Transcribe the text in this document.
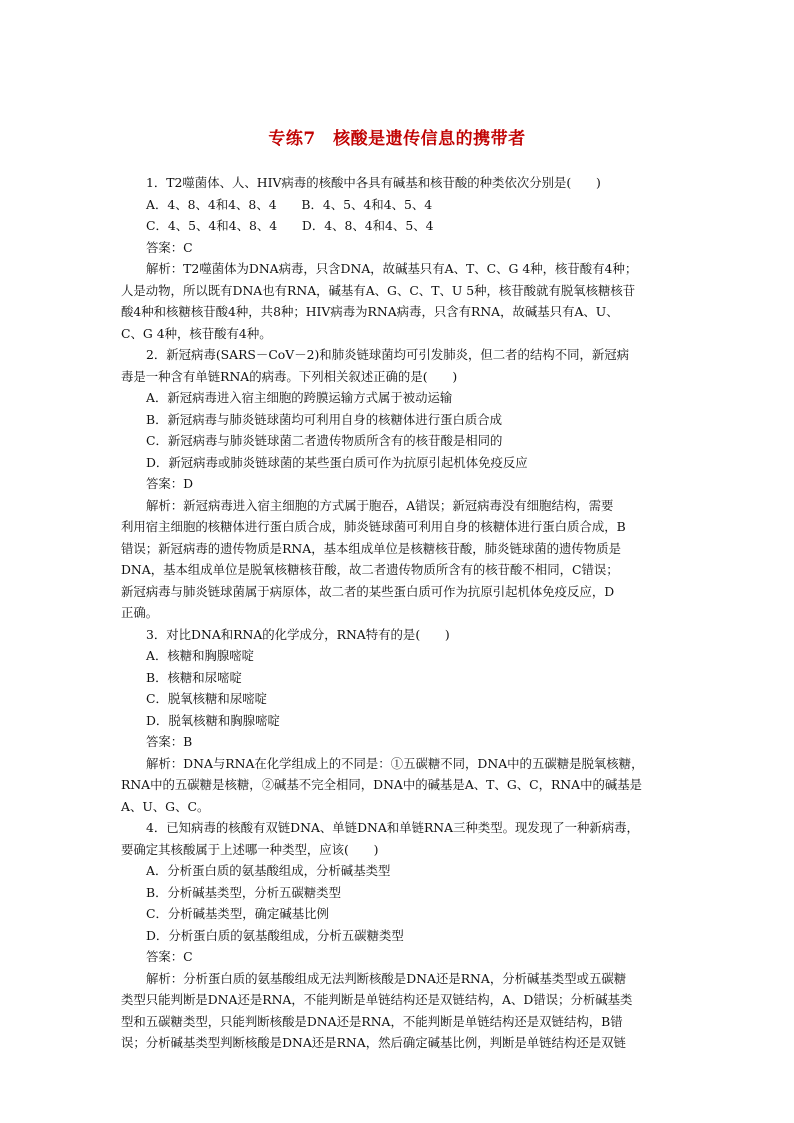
专练7　核酸是遗传信息的携带者
1．T2噬菌体、人、HIV病毒的核酸中各具有碱基和核苷酸的种类依次分别是(　　)
A．4、8、4和4、8、4　　B．4、5、4和4、5、4
C．4、5、4和4、8、4　　D．4、8、4和4、5、4
答案：C
解析：T2噬菌体为DNA病毒，只含DNA，故碱基只有A、T、C、G 4种，核苷酸有4种；
人是动物，所以既有DNA也有RNA，碱基有A、G、C、T、U 5种，核苷酸就有脱氧核糖核苷
酸4种和核糖核苷酸4种，共8种；HIV病毒为RNA病毒，只含有RNA，故碱基只有A、U、
C、G 4种，核苷酸有4种。
2．新冠病毒(SARS－CoV－2)和肺炎链球菌均可引发肺炎，但二者的结构不同，新冠病
毒是一种含有单链RNA的病毒。下列相关叙述正确的是(　　)
A．新冠病毒进入宿主细胞的跨膜运输方式属于被动运输
B．新冠病毒与肺炎链球菌均可利用自身的核糖体进行蛋白质合成
C．新冠病毒与肺炎链球菌二者遗传物质所含有的核苷酸是相同的
D．新冠病毒或肺炎链球菌的某些蛋白质可作为抗原引起机体免疫反应
答案：D
解析：新冠病毒进入宿主细胞的方式属于胞吞，A错误；新冠病毒没有细胞结构，需要
利用宿主细胞的核糖体进行蛋白质合成，肺炎链球菌可利用自身的核糖体进行蛋白质合成，B
错误；新冠病毒的遗传物质是RNA，基本组成单位是核糖核苷酸，肺炎链球菌的遗传物质是
DNA，基本组成单位是脱氧核糖核苷酸，故二者遗传物质所含有的核苷酸不相同，C错误；
新冠病毒与肺炎链球菌属于病原体，故二者的某些蛋白质可作为抗原引起机体免疫反应，D
正确。
3．对比DNA和RNA的化学成分，RNA特有的是(　　)
A．核糖和胸腺嘧啶
B．核糖和尿嘧啶
C．脱氧核糖和尿嘧啶
D．脱氧核糖和胸腺嘧啶
答案：B
解析：DNA与RNA在化学组成上的不同是：①五碳糖不同，DNA中的五碳糖是脱氧核糖，
RNA中的五碳糖是核糖，②碱基不完全相同，DNA中的碱基是A、T、G、C，RNA中的碱基是
A、U、G、C。
4．已知病毒的核酸有双链DNA、单链DNA和单链RNA三种类型。现发现了一种新病毒，
要确定其核酸属于上述哪一种类型，应该(　　)
A．分析蛋白质的氨基酸组成，分析碱基类型
B．分析碱基类型，分析五碳糖类型
C．分析碱基类型，确定碱基比例
D．分析蛋白质的氨基酸组成，分析五碳糖类型
答案：C
解析：分析蛋白质的氨基酸组成无法判断核酸是DNA还是RNA，分析碱基类型或五碳糖
类型只能判断是DNA还是RNA，不能判断是单链结构还是双链结构，A、D错误；分析碱基类
型和五碳糖类型，只能判断核酸是DNA还是RNA，不能判断是单链结构还是双链结构，B错
误；分析碱基类型判断核酸是DNA还是RNA，然后确定碱基比例，判断是单链结构还是双链
